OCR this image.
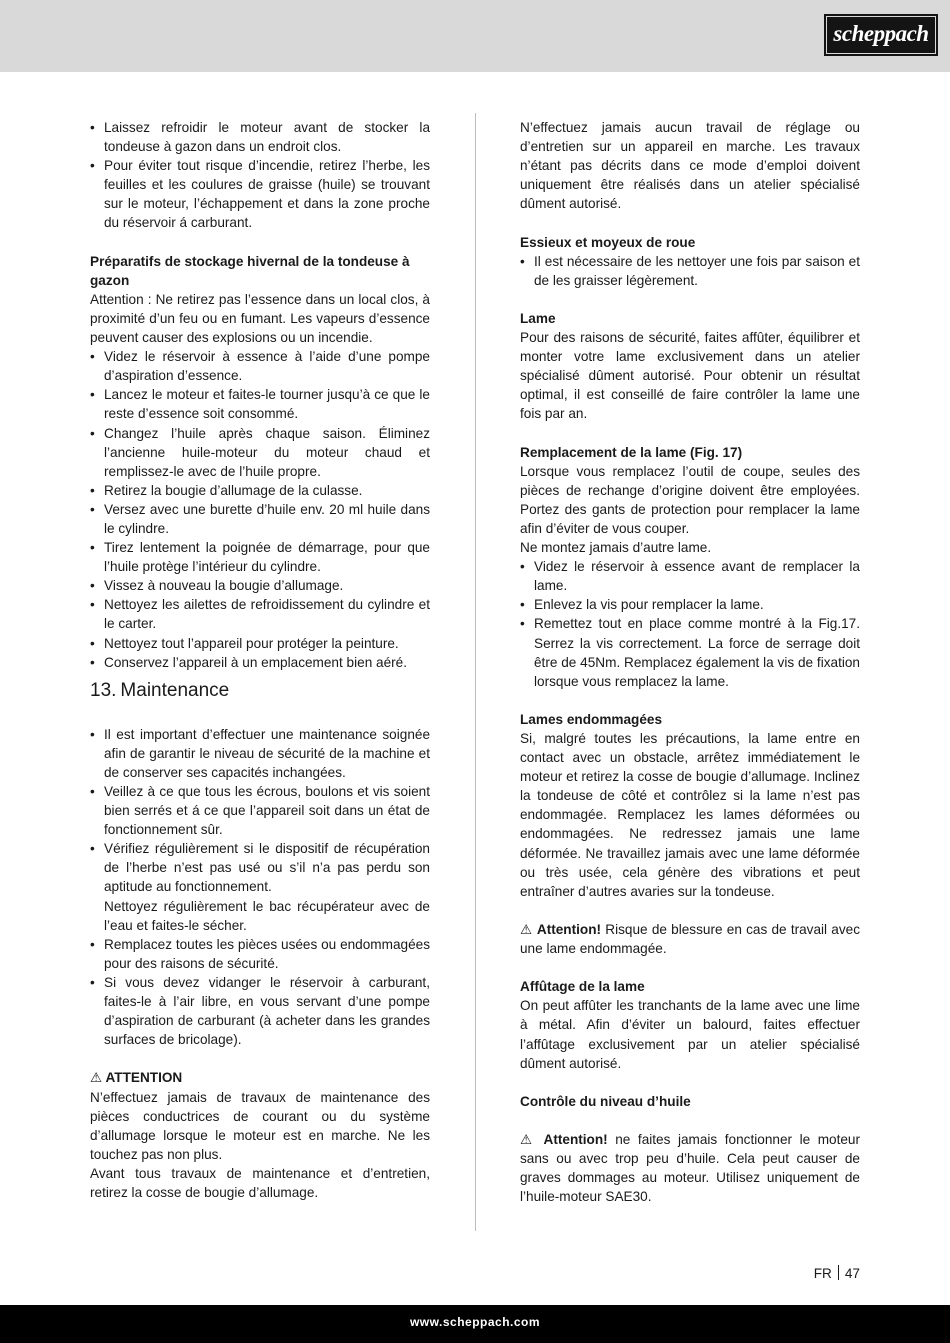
scheppach
• Laissez refroidir le moteur avant de stocker la tondeuse à gazon dans un endroit clos.
• Pour éviter tout risque d’incendie, retirez l’herbe, les feuilles et les coulures de graisse (huile) se trouvant sur le moteur, l’échappement et dans la zone proche du réservoir á carburant.

Préparatifs de stockage hivernal de la tondeuse à gazon

Attention : Ne retirez pas l’essence dans un local clos, à proximité d’un feu ou en fumant. Les vapeurs d’essence peuvent causer des explosions ou un incendie.

• Videz le réservoir à essence à l’aide d’une pompe d’aspiration d’essence.
• Lancez le moteur et faites-le tourner jusqu’à ce que le reste d’essence soit consommé.
• Changez l’huile après chaque saison. Éliminez l’ancienne huile-moteur du moteur chaud et remplissez-le avec de l’huile propre.
• Retirez la bougie d’allumage de la culasse.
• Versez avec une burette d’huile env. 20 ml huile dans le cylindre.
• Tirez lentement la poignée de démarrage, pour que l’huile protège l’intérieur du cylindre.
• Vissez à nouveau la bougie d’allumage.
• Nettoyez les ailettes de refroidissement du cylindre et le carter.
• Nettoyez tout l’appareil pour protéger la peinture.
• Conservez l’appareil à un emplacement bien aéré.
13. Maintenance
• Il est important d’effectuer une maintenance soignée afin de garantir le niveau de sécurité de la machine et de conserver ses capacités inchangées.
• Veillez à ce que tous les écrous, boulons et vis soient bien serrés et á ce que l’appareil soit dans un état de fonctionnement sûr.
• Vérifiez régulièrement si le dispositif de récupération de l’herbe n’est pas usé ou s’il n’a pas perdu son aptitude au fonctionnement.
Nettoyez régulièrement le bac récupérateur avec de l’eau et faites-le sécher.
• Remplacez toutes les pièces usées ou endommagées pour des raisons de sécurité.
• Si vous devez vidanger le réservoir à carburant, faites-le à l’air libre, en vous servant d’une pompe d’aspiration de carburant (à acheter dans les grandes surfaces de bricolage).

⚠ ATTENTION

N’effectuez jamais de travaux de maintenance des pièces conductrices de courant ou du système d’allumage lorsque le moteur est en marche. Ne les touchez pas non plus.

Avant tous travaux de maintenance et d’entretien, retirez la cosse de bougie d’allumage.

N’effectuez jamais aucun travail de réglage ou d’entretien sur un appareil en marche. Les travaux n’étant pas décrits dans ce mode d’emploi doivent uniquement être réalisés dans un atelier spécialisé dûment autorisé.

Essieux et moyeux de roue

• Il est nécessaire de les nettoyer une fois par saison et de les graisser légèrement.

Lame

Pour des raisons de sécurité, faites affûter, équilibrer et monter votre lame exclusivement dans un atelier spécialisé dûment autorisé. Pour obtenir un résultat optimal, il est conseillé de faire contrôler la lame une fois par an.

Remplacement de la lame (Fig. 17)

Lorsque vous remplacez l’outil de coupe, seules des pièces de rechange d’origine doivent être employées. Portez des gants de protection pour remplacer la lame afin d’éviter de vous couper.

Ne montez jamais d’autre lame.

• Videz le réservoir à essence avant de remplacer la lame.
• Enlevez la vis pour remplacer la lame.
• Remettez tout en place comme montré à la Fig.17. Serrez la vis correctement. La force de serrage doit être de 45Nm. Remplacez également la vis de fixation lorsque vous remplacez la lame.

Lames endommagées

Si, malgré toutes les précautions, la lame entre en contact avec un obstacle, arrêtez immédiatement le moteur et retirez la cosse de bougie d’allumage. Inclinez la tondeuse de côté et contrôlez si la lame n’est pas endommagée. Remplacez les lames déformées ou endommagées. Ne redressez jamais une lame déformée. Ne travaillez jamais avec une lame déformée ou très usée, cela génère des vibrations et peut entraîner d’autres avaries sur la tondeuse.

⚠ Attention! Risque de blessure en cas de travail avec une lame endommagée.

Affûtage de la lame

On peut affûter les tranchants de la lame avec une lime à métal. Afin d’éviter un balourd, faites effectuer l’affûtage exclusivement par un atelier spécialisé dûment autorisé.

Contrôle du niveau d’huile

⚠ Attention! ne faites jamais fonctionner le moteur sans ou avec trop peu d’huile. Cela peut causer de graves dommages au moteur. Utilisez uniquement de l’huile-moteur SAE30.

FR 47
www.scheppach.com
